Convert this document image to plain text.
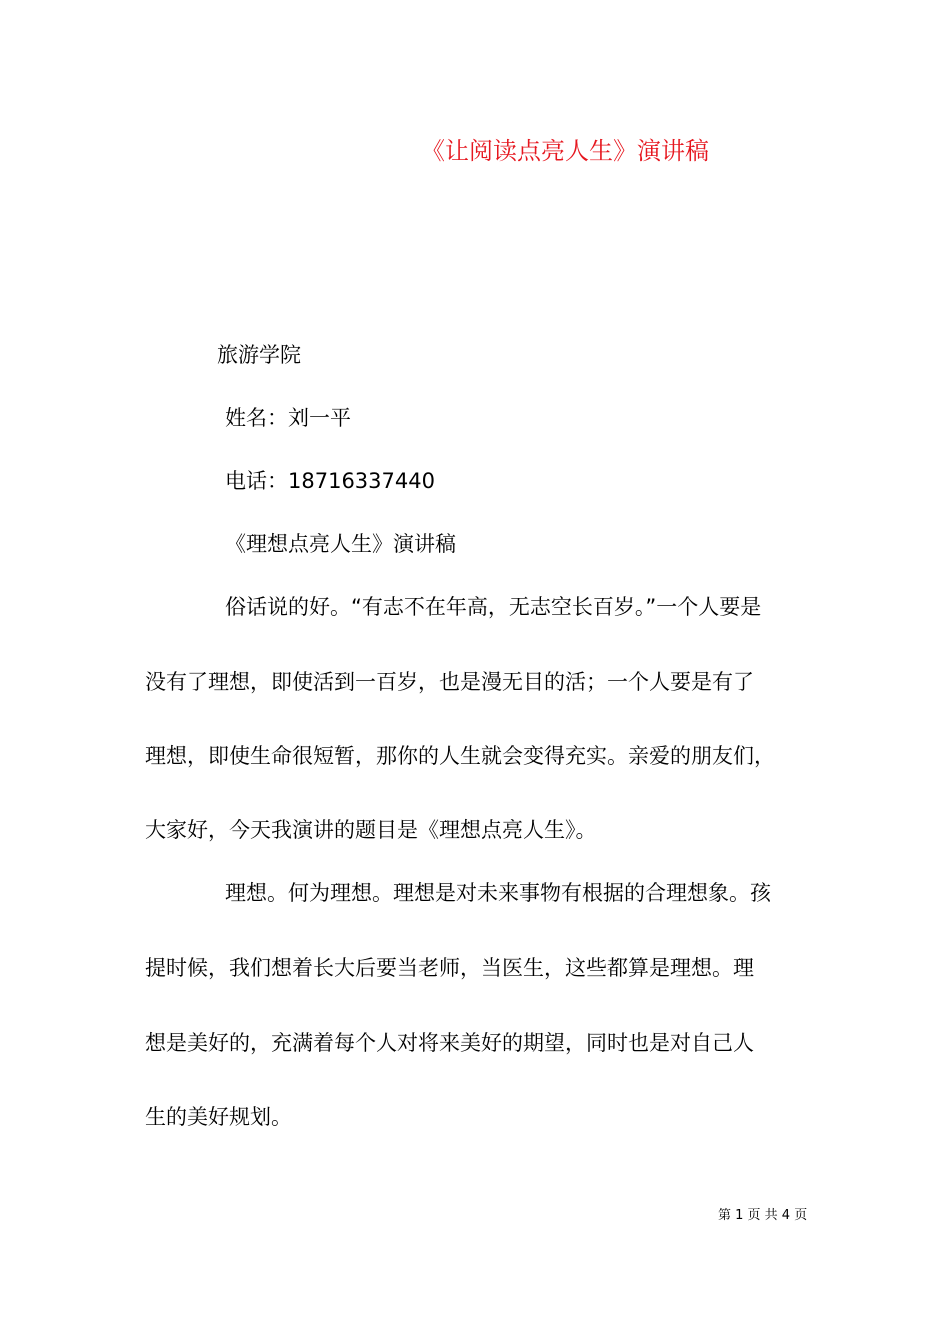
《让阅读点亮人生》演讲稿
旅游学院
姓名：刘一平
电话：18716337440
《理想点亮人生》演讲稿
俗话说的好。“有志不在年高，无志空长百岁。”一个人要是
没有了理想，即使活到一百岁，也是漫无目的活；一个人要是有了
理想，即使生命很短暂，那你的人生就会变得充实。亲爱的朋友们，
大家好，今天我演讲的题目是《理想点亮人生》。
理想。何为理想。理想是对未来事物有根据的合理想象。孩
提时候，我们想着长大后要当老师，当医生，这些都算是理想。理
想是美好的，充满着每个人对将来美好的期望，同时也是对自己人
生的美好规划。
第 1 页 共 4 页
